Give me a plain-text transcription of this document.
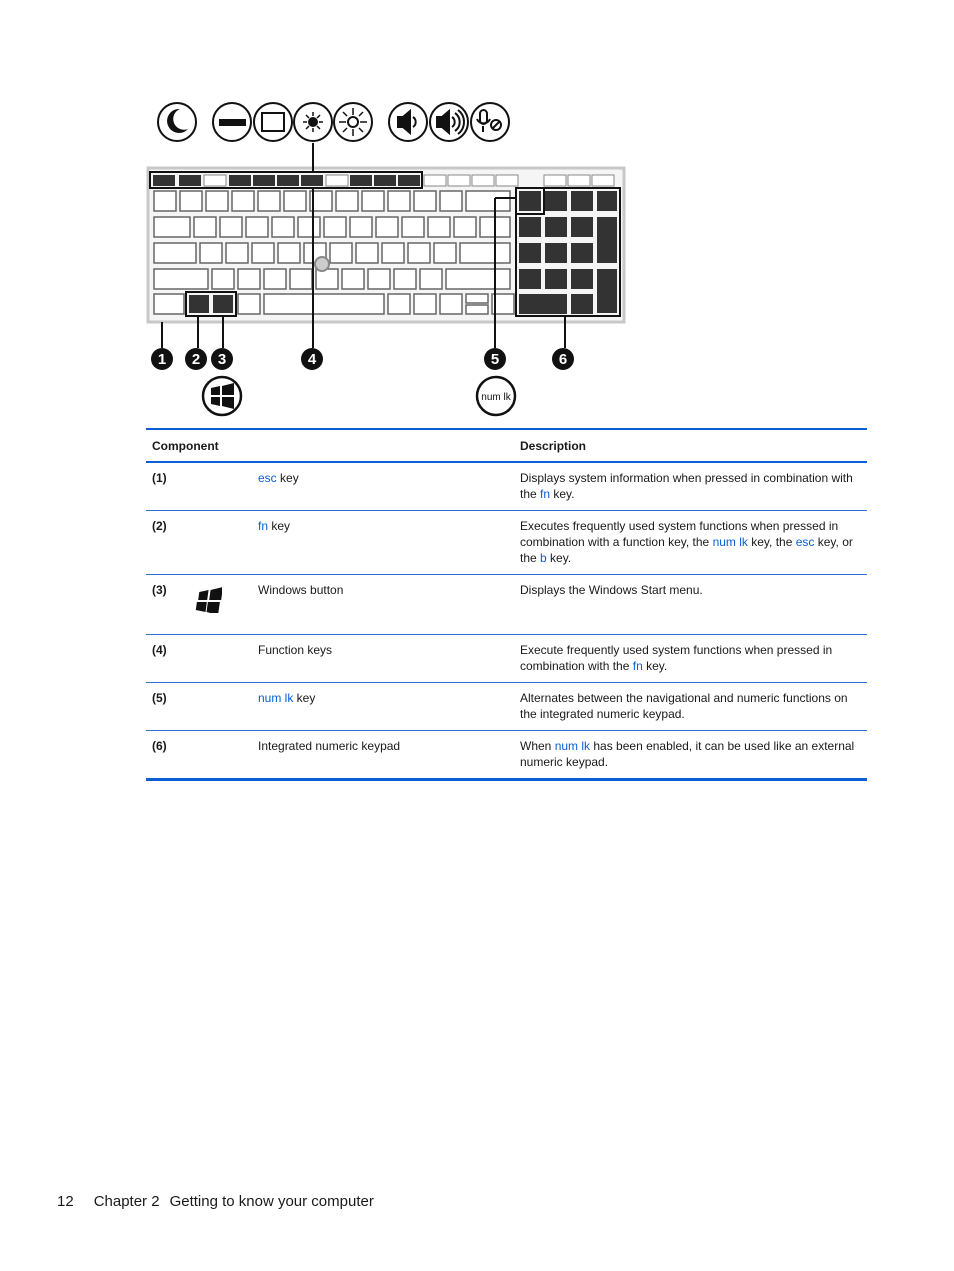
1 2 3	4	5	6
num lk
Component		Description
(1)	esc key	Displays system information when pressed in combination with the fn key.
(2)	fn key	Executes frequently used system functions when pressed in combination with a function key, the num lk key, the esc key, or the b key.
(3)	Windows button	Displays the Windows Start menu.
(4)	Function keys	Execute frequently used system functions when pressed in combination with the fn key.
(5)	num lk key	Alternates between the navigational and numeric functions on the integrated numeric keypad.
(6)	Integrated numeric keypad	When num lk has been enabled, it can be used like an external numeric keypad.
12 Chapter 2 Getting to know your computer
